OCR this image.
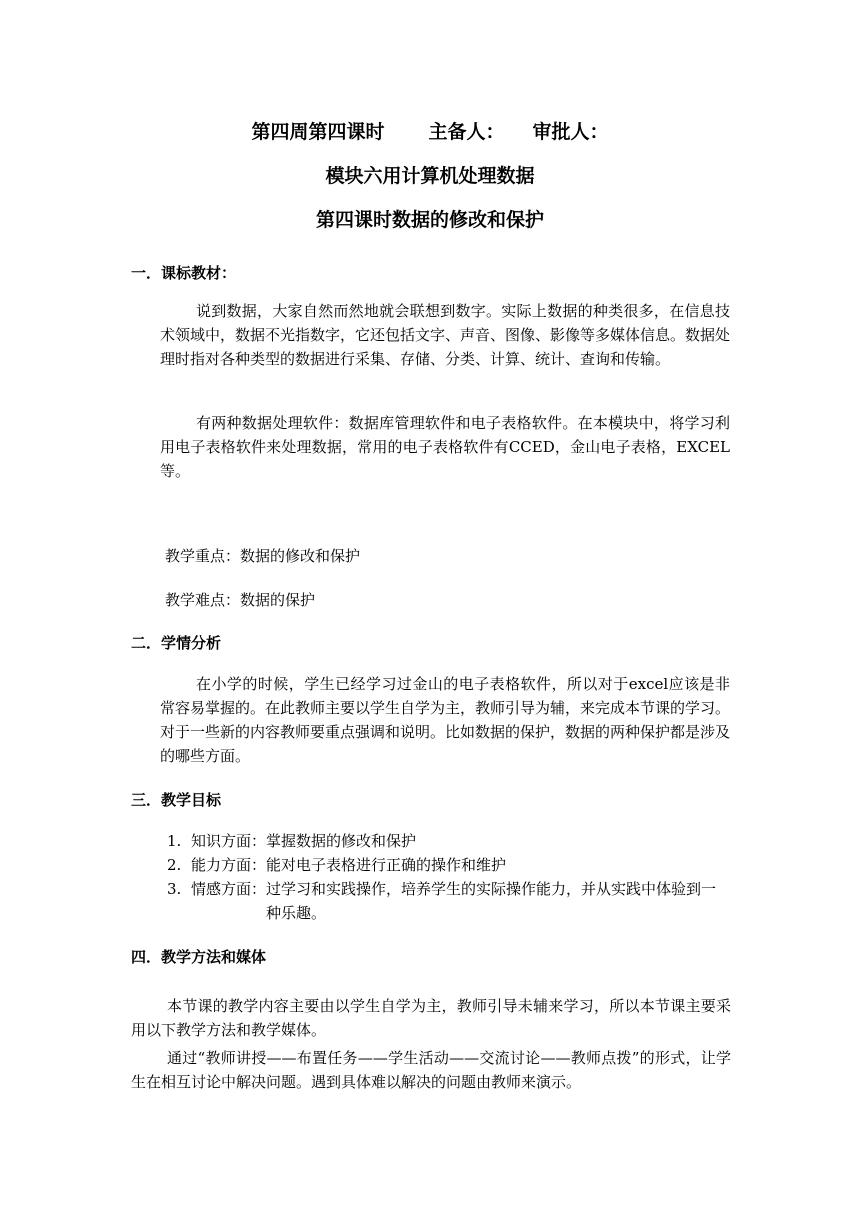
第四周第四课时 主备人： 审批人：
模块六用计算机处理数据
第四课时数据的修改和保护
一．课标教材：

说到数据，大家自然而然地就会联想到数字。实际上数据的种类很多，在信息技术领域中，数据不光指数字，它还包括文字、声音、图像、影像等多媒体信息。数据处理时指对各种类型的数据进行采集、存储、分类、计算、统计、查询和传输。

有两种数据处理软件：数据库管理软件和电子表格软件。在本模块中，将学习利用电子表格软件来处理数据，常用的电子表格软件有CCED，金山电子表格，EXCEL等。

教学重点：数据的修改和保护
教学难点：数据的保护
二．学情分析

在小学的时候，学生已经学习过金山的电子表格软件，所以对于excel应该是非常容易掌握的。在此教师主要以学生自学为主，教师引导为辅，来完成本节课的学习。对于一些新的内容教师要重点强调和说明。比如数据的保护，数据的两种保护都是涉及的哪些方面。

三．教学目标
1. 知识方面：掌握数据的修改和保护
2. 能力方面：能对电子表格进行正确的操作和维护
3. 情感方面： 过学习和实践操作，培养学生的实际操作能力，并从实践中体验到一种乐趣。
四．教学方法和媒体

本节课的教学内容主要由以学生自学为主，教师引导未辅来学习，所以本节课主要采用以下教学方法和教学媒体。

通过“教师讲授——布置任务——学生活动——交流讨论——教师点拨”的形式，让学生在相互讨论中解决问题。遇到具体难以解决的问题由教师来演示。
